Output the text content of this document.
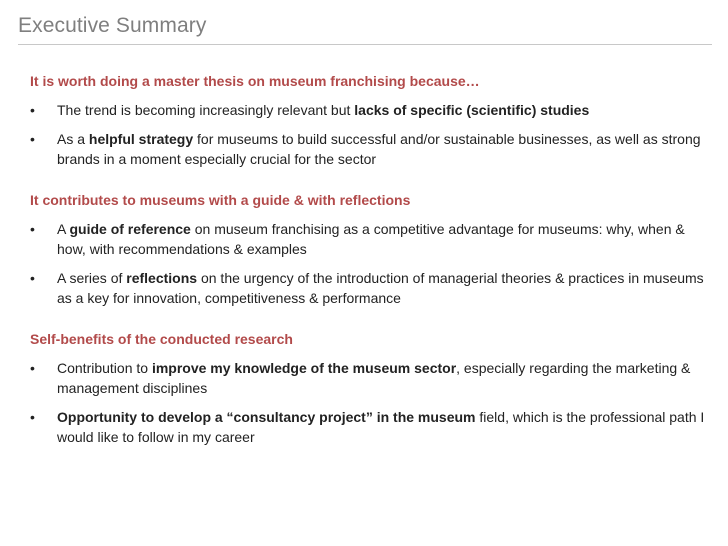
Executive Summary
It is worth doing a master thesis on museum franchising because…
•	The trend is becoming increasingly relevant but lacks of specific (scientific) studies
•	As a helpful strategy for museums to build successful and/or sustainable businesses, as well as strong brands in a moment especially crucial for the sector
It contributes to museums with a guide & with reflections
•	A guide of reference on museum franchising as a competitive advantage for museums: why, when & how, with recommendations & examples
•	A series of reflections on the urgency of the introduction of managerial theories & practices in museums as a key for innovation, competitiveness & performance
Self-benefits of the conducted research
•	Contribution to improve my knowledge of the museum sector, especially regarding the marketing & management disciplines
•	Opportunity to develop a “consultancy project” in the museum field, which is the professional path I would like to follow in my career
